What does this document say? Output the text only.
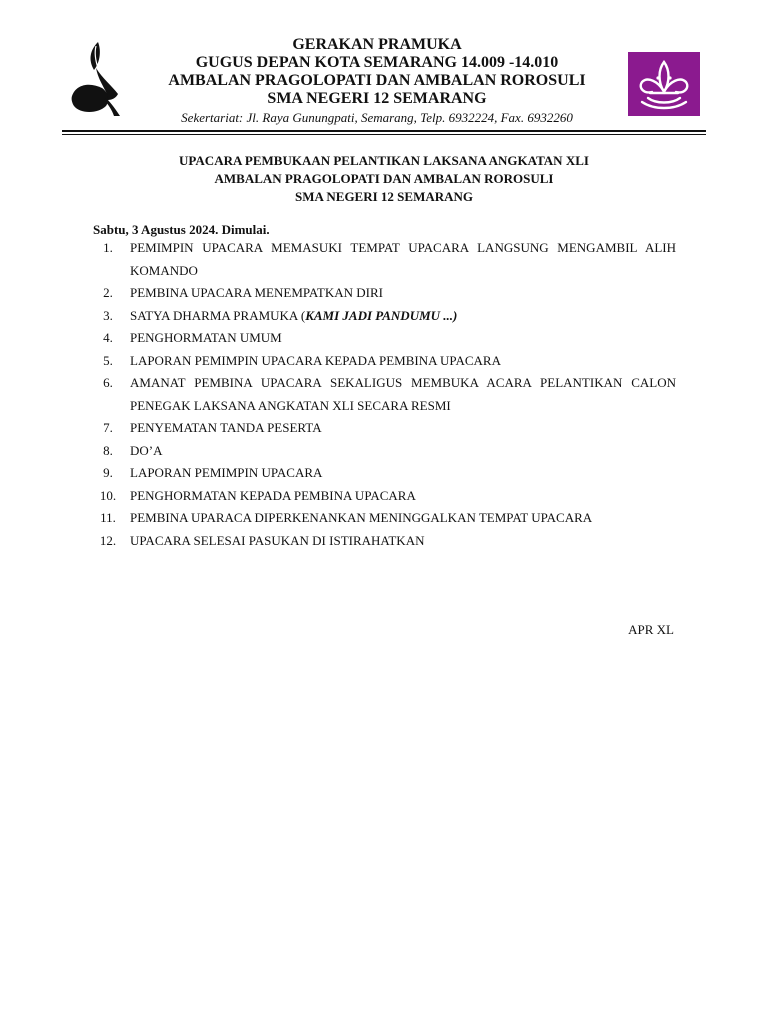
GERAKAN PRAMUKA
GUGUS DEPAN KOTA SEMARANG 14.009 -14.010
AMBALAN PRAGOLOPATI DAN AMBALAN ROROSULI
SMA NEGERI 12 SEMARANG
Sekertariat: Jl. Raya Gunungpati, Semarang, Telp. 6932224, Fax. 6932260
UPACARA PEMBUKAAN PELANTIKAN LAKSANA ANGKATAN XLI
AMBALAN PRAGOLOPATI DAN AMBALAN ROROSULI
SMA NEGERI 12 SEMARANG
Sabtu, 3 Agustus 2024. Dimulai.
1.	PEMIMPIN UPACARA MEMASUKI TEMPAT UPACARA LANGSUNG MENGAMBIL ALIH KOMANDO
2.	PEMBINA UPACARA MENEMPATKAN DIRI
3.	SATYA DHARMA PRAMUKA (KAMI JADI PANDUMU ...)
4.	PENGHORMATAN UMUM
5.	LAPORAN PEMIMPIN UPACARA KEPADA PEMBINA UPACARA
6.	AMANAT PEMBINA UPACARA SEKALIGUS MEMBUKA ACARA PELANTIKAN CALON PENEGAK LAKSANA ANGKATAN XLI SECARA RESMI
7.	PENYEMATAN TANDA PESERTA
8.	DO’A
9.	LAPORAN PEMIMPIN UPACARA
10.	PENGHORMATAN KEPADA PEMBINA UPACARA
11.	PEMBINA UPARACA DIPERKENANKAN MENINGGALKAN TEMPAT UPACARA
12.	UPACARA SELESAI PASUKAN DI ISTIRAHATKAN
APR XL
